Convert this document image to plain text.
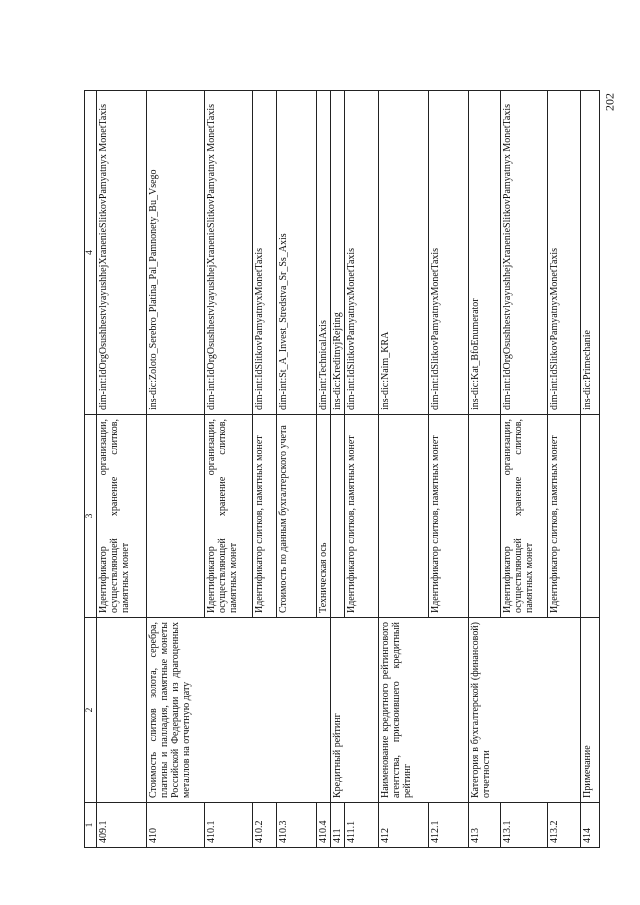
202
1	2	3	4
409.1		Идентификатор организации, осуществляющей хранение слитков, памятных монет	dim-int:IdOrgOsushhestvlyayushhejXranenieSlitkovPamyatnyx MonetTaxis
410	Стоимость слитков золота, серебра, платины и палладия, памятные монеты Российской Федерации из драгоценных металлов на отчетную дату		ins-dic:Zoloto_Serebro_Platina_Pal_Pamnonety_Bu_Vsego
410.1		Идентификатор организации, осуществляющей хранение слитков, памятных монет	dim-int:IdOrgOsushhestvlyayushhejXranenieSlitkovPamyatnyx MonetTaxis
410.2		Идентификатор слитков, памятных монет	dim-int:IdSlitkovPamyatnyxMonetTaxis
410.3		Стоимость по данным бухгалтерского учета	dim-int:St_A_Invest_Stredstva_Sr_Ss_Axis
410.4		Техническая ось	dim-int:TechnicalAxis
411	Кредитный рейтинг		ins-dic:KreditnyjRejting
411.1		Идентификатор слитков, памятных монет	dim-int:IdSlitkovPamyatnyxMonetTaxis
412	Наименование кредитного рейтингового агентства, присвоившего кредитный рейтинг		ins-dic:Naim_KRA
412.1		Идентификатор слитков, памятных монет	dim-int:IdSlitkovPamyatnyxMonetTaxis
413	Категория в бухгалтерской (финансовой) отчетности		ins-dic:Kat_BfoEnumerator
413.1		Идентификатор организации, осуществляющей хранение слитков, памятных монет	dim-int:IdOrgOsushhestvlyayushhejXranenieSlitkovPamyatnyx MonetTaxis
413.2		Идентификатор слитков, памятных монет	dim-int:IdSlitkovPamyatnyxMonetTaxis
414	Примечание		ins-dic:Primechanie
